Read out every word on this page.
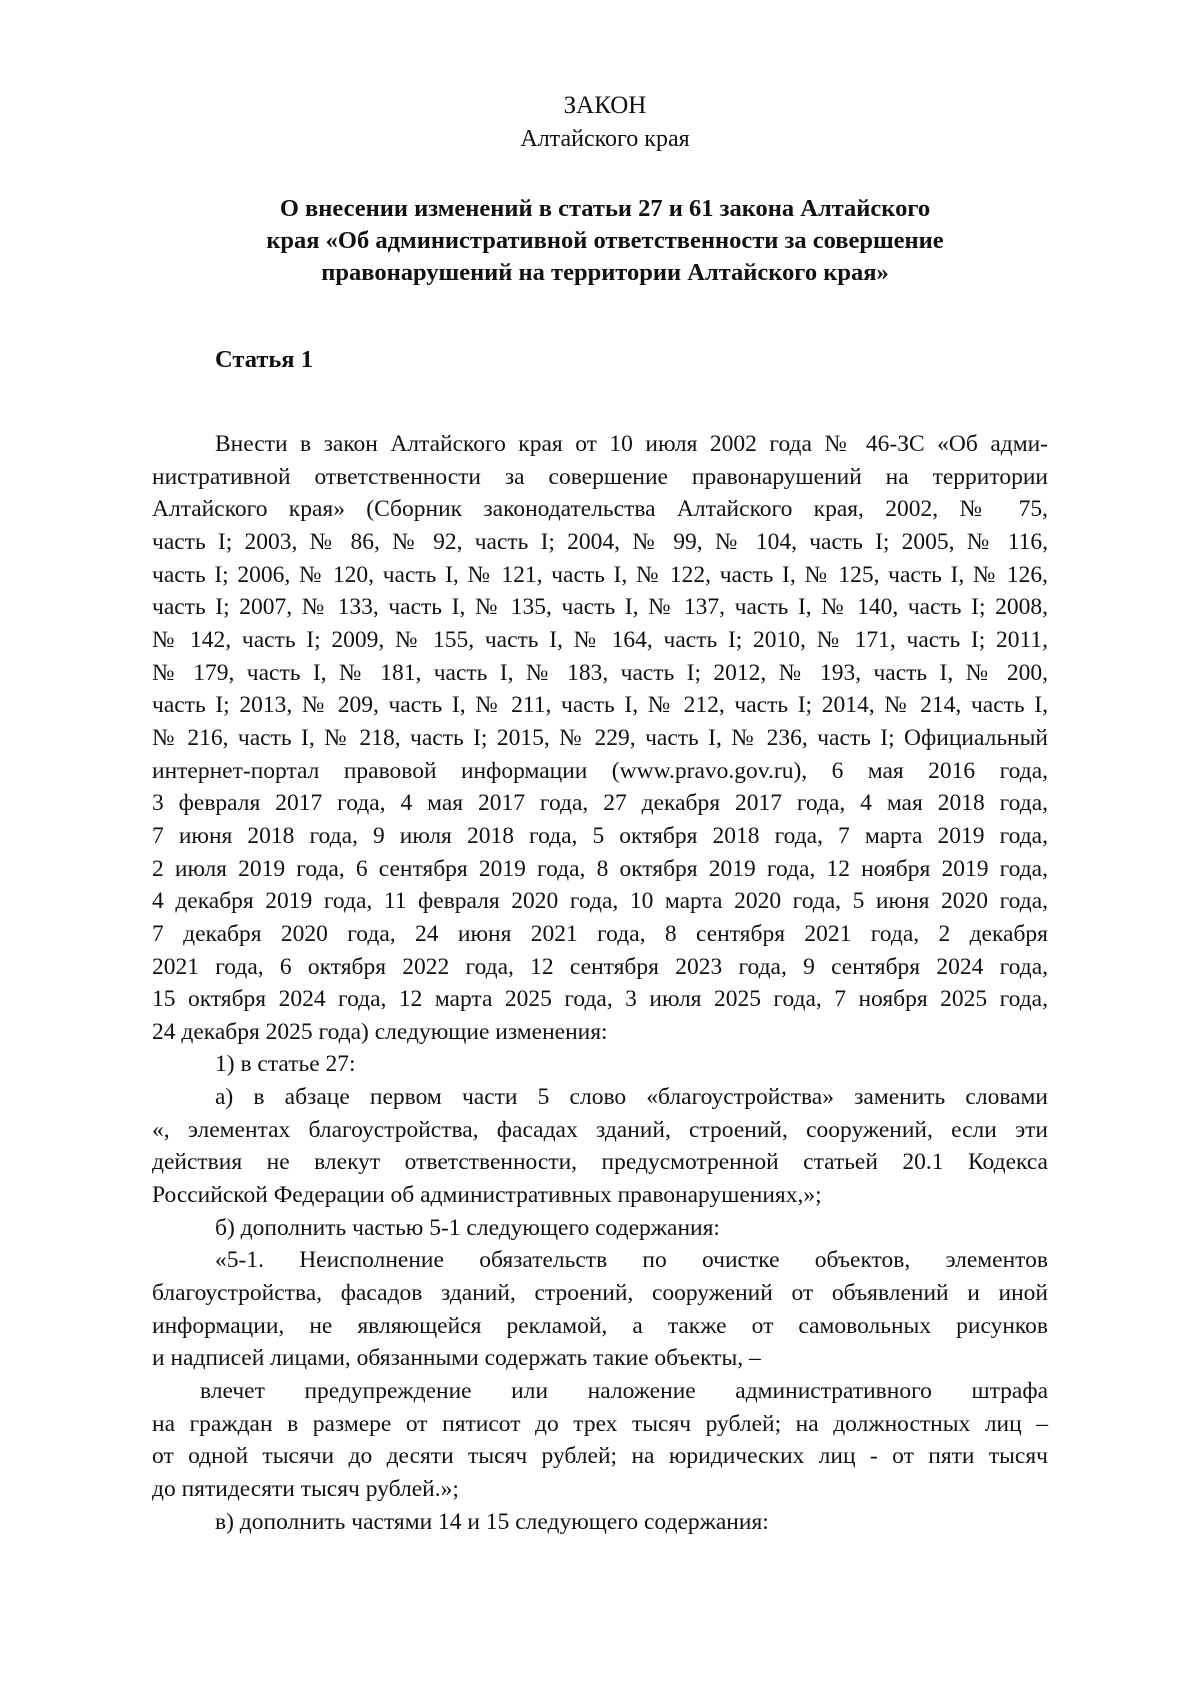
ЗАКОН
Алтайского края
О внесении изменений в статьи 27 и 61 закона Алтайского
края «Об административной ответственности за совершение
правонарушений на территории Алтайского края»
Статья 1
Внести в закон Алтайского края от 10 июля 2002 года № 46-ЗС «Об адми-
нистративной ответственности за совершение правонарушений на территории
Алтайского края» (Сборник законодательства Алтайского края, 2002, № 75,
часть I; 2003, № 86, № 92, часть I; 2004, № 99, № 104, часть I; 2005, № 116,
часть I; 2006, № 120, часть I, № 121, часть I, № 122, часть I, № 125, часть I, № 126,
часть I; 2007, № 133, часть I, № 135, часть I, № 137, часть I, № 140, часть I; 2008,
№ 142, часть I; 2009, № 155, часть I, № 164, часть I; 2010, № 171, часть I; 2011,
№ 179, часть I, № 181, часть I, № 183, часть I; 2012, № 193, часть I, № 200,
часть I; 2013, № 209, часть I, № 211, часть I, № 212, часть I; 2014, № 214, часть I,
№ 216, часть I, № 218, часть I; 2015, № 229, часть I, № 236, часть I; Официальный
интернет-портал правовой информации (www.pravo.gov.ru), 6 мая 2016 года,
3 февраля 2017 года, 4 мая 2017 года, 27 декабря 2017 года, 4 мая 2018 года,
7 июня 2018 года, 9 июля 2018 года, 5 октября 2018 года, 7 марта 2019 года,
2 июля 2019 года, 6 сентября 2019 года, 8 октября 2019 года, 12 ноября 2019 года,
4 декабря 2019 года, 11 февраля 2020 года, 10 марта 2020 года, 5 июня 2020 года,
7 декабря 2020 года, 24 июня 2021 года, 8 сентября 2021 года, 2 декабря
2021 года, 6 октября 2022 года, 12 сентября 2023 года, 9 сентября 2024 года,
15 октября 2024 года, 12 марта 2025 года, 3 июля 2025 года, 7 ноября 2025 года,
24 декабря 2025 года) следующие изменения:
1) в статье 27:
а) в абзаце первом части 5 слово «благоустройства» заменить словами
«, элементах благоустройства, фасадах зданий, строений, сооружений, если эти
действия не влекут ответственности, предусмотренной статьей 20.1 Кодекса
Российской Федерации об административных правонарушениях,»;
б) дополнить частью 5-1 следующего содержания:
«5-1. Неисполнение обязательств по очистке объектов, элементов
благоустройства, фасадов зданий, строений, сооружений от объявлений и иной
информации, не являющейся рекламой, а также от самовольных рисунков
и надписей лицами, обязанными содержать такие объекты, –
влечет предупреждение или наложение административного штрафа
на граждан в размере от пятисот до трех тысяч рублей; на должностных лиц –
от одной тысячи до десяти тысяч рублей; на юридических лиц - от пяти тысяч
до пятидесяти тысяч рублей.»;
в) дополнить частями 14 и 15 следующего содержания:
